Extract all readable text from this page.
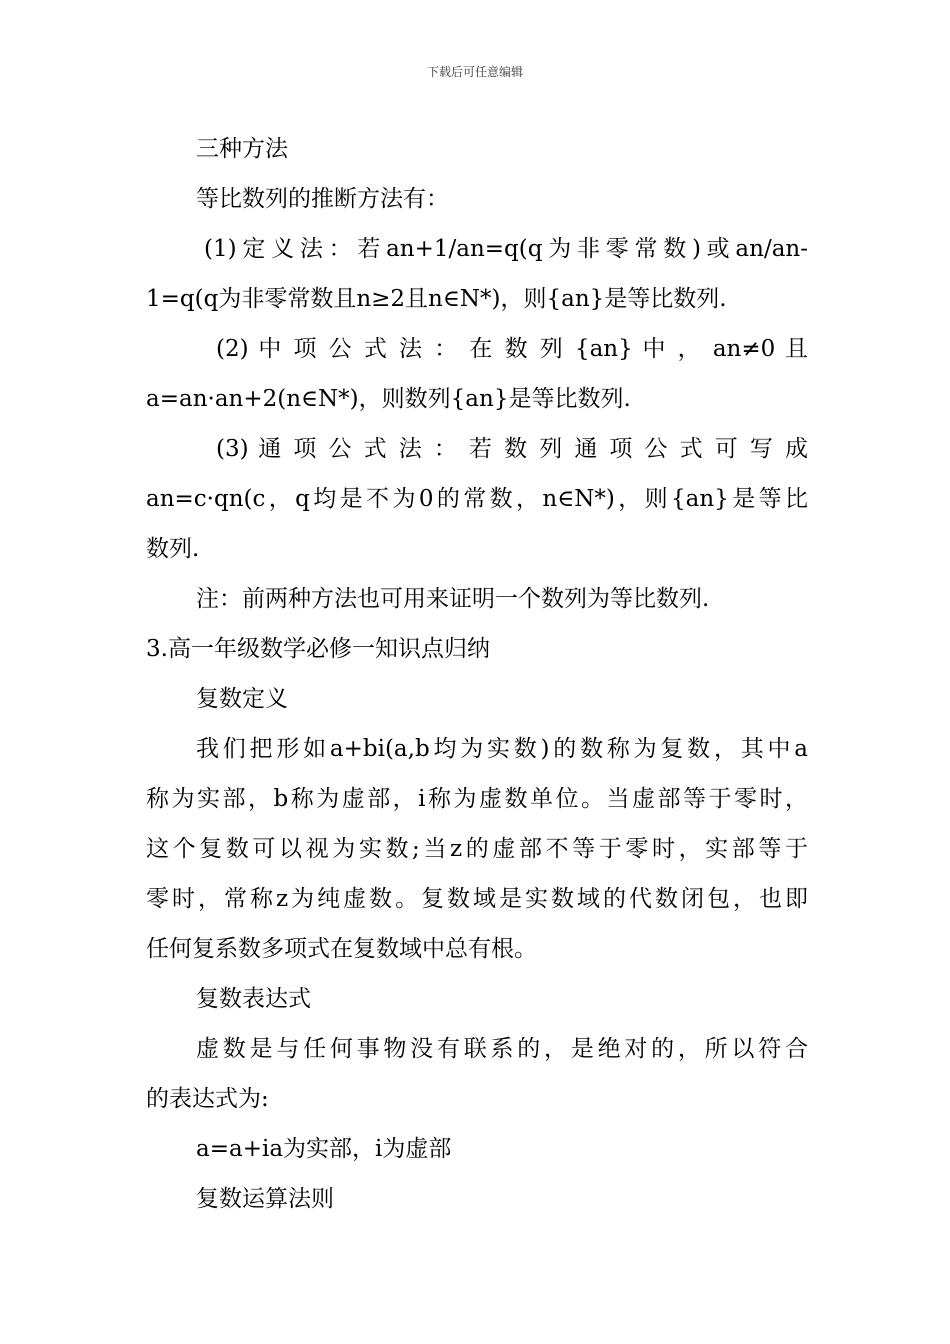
下载后可任意编辑
三种方法
等比数列的推断方法有：
(1)定义法：若an+1/an=q(q为非零常数)或an/an-
1=q(q为非零常数且n≥2且n∈N*)，则{an}是等比数列.
(2) 中 项 公 式 法 ： 在 数 列 {an} 中 ， an≠0 且
a=an·an+2(n∈N*)，则数列{an}是等比数列.
(3) 通 项 公 式 法 ： 若 数 列 通 项 公 式 可 写 成
an=c·qn(c，q均是不为0的常数，n∈N*)，则{an}是等比
数列.
注：前两种方法也可用来证明一个数列为等比数列.
3.高一年级数学必修一知识点归纳
复数定义
我们把形如a+bi(a,b均为实数)的数称为复数，其中a
称为实部，b称为虚部，i称为虚数单位。当虚部等于零时，
这个复数可以视为实数;当z的虚部不等于零时，实部等于
零时，常称z为纯虚数。复数域是实数域的代数闭包，也即
任何复系数多项式在复数域中总有根。
复数表达式
虚数是与任何事物没有联系的，是绝对的，所以符合
的表达式为:
a=a+ia为实部，i为虚部
复数运算法则
